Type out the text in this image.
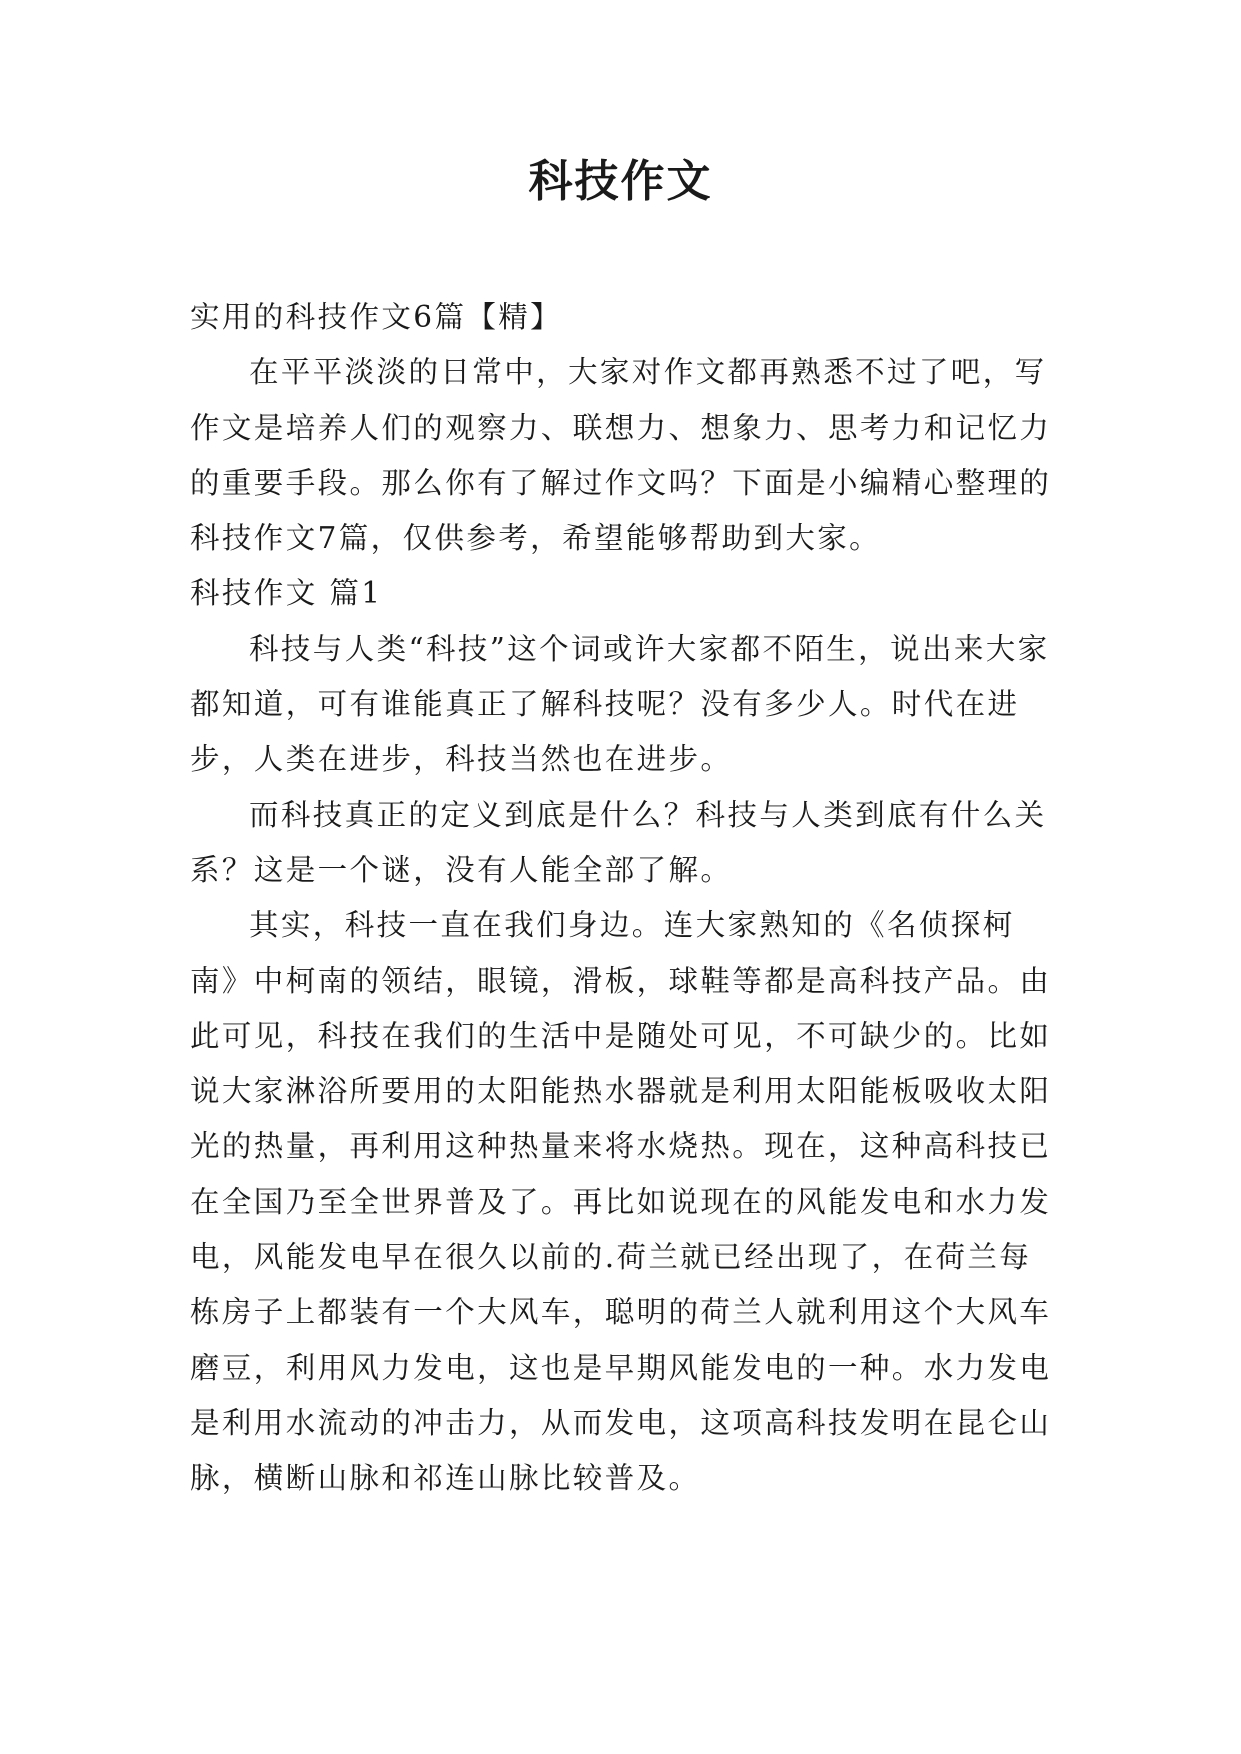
科技作文

实用的科技作文6篇【精】

在平平淡淡的日常中，大家对作文都再熟悉不过了吧，写作文是培养人们的观察力、联想力、想象力、思考力和记忆力的重要手段。那么你有了解过作文吗？下面是小编精心整理的科技作文7篇，仅供参考，希望能够帮助到大家。

科技作文 篇1

科技与人类“科技”这个词或许大家都不陌生，说出来大家都知道，可有谁能真正了解科技呢？没有多少人。时代在进步，人类在进步，科技当然也在进步。

而科技真正的定义到底是什么？科技与人类到底有什么关系？这是一个谜，没有人能全部了解。

其实，科技一直在我们身边。连大家熟知的《名侦探柯南》中柯南的领结，眼镜，滑板，球鞋等都是高科技产品。由此可见，科技在我们的生活中是随处可见，不可缺少的。比如说大家淋浴所要用的太阳能热水器就是利用太阳能板吸收太阳光的热量，再利用这种热量来将水烧热。现在，这种高科技已在全国乃至全世界普及了。再比如说现在的风能发电和水力发电，风能发电早在很久以前的.荷兰就已经出现了，在荷兰每栋房子上都装有一个大风车，聪明的荷兰人就利用这个大风车磨豆，利用风力发电，这也是早期风能发电的一种。水力发电是利用水流动的冲击力，从而发电，这项高科技发明在昆仑山脉，横断山脉和祁连山脉比较普及。
